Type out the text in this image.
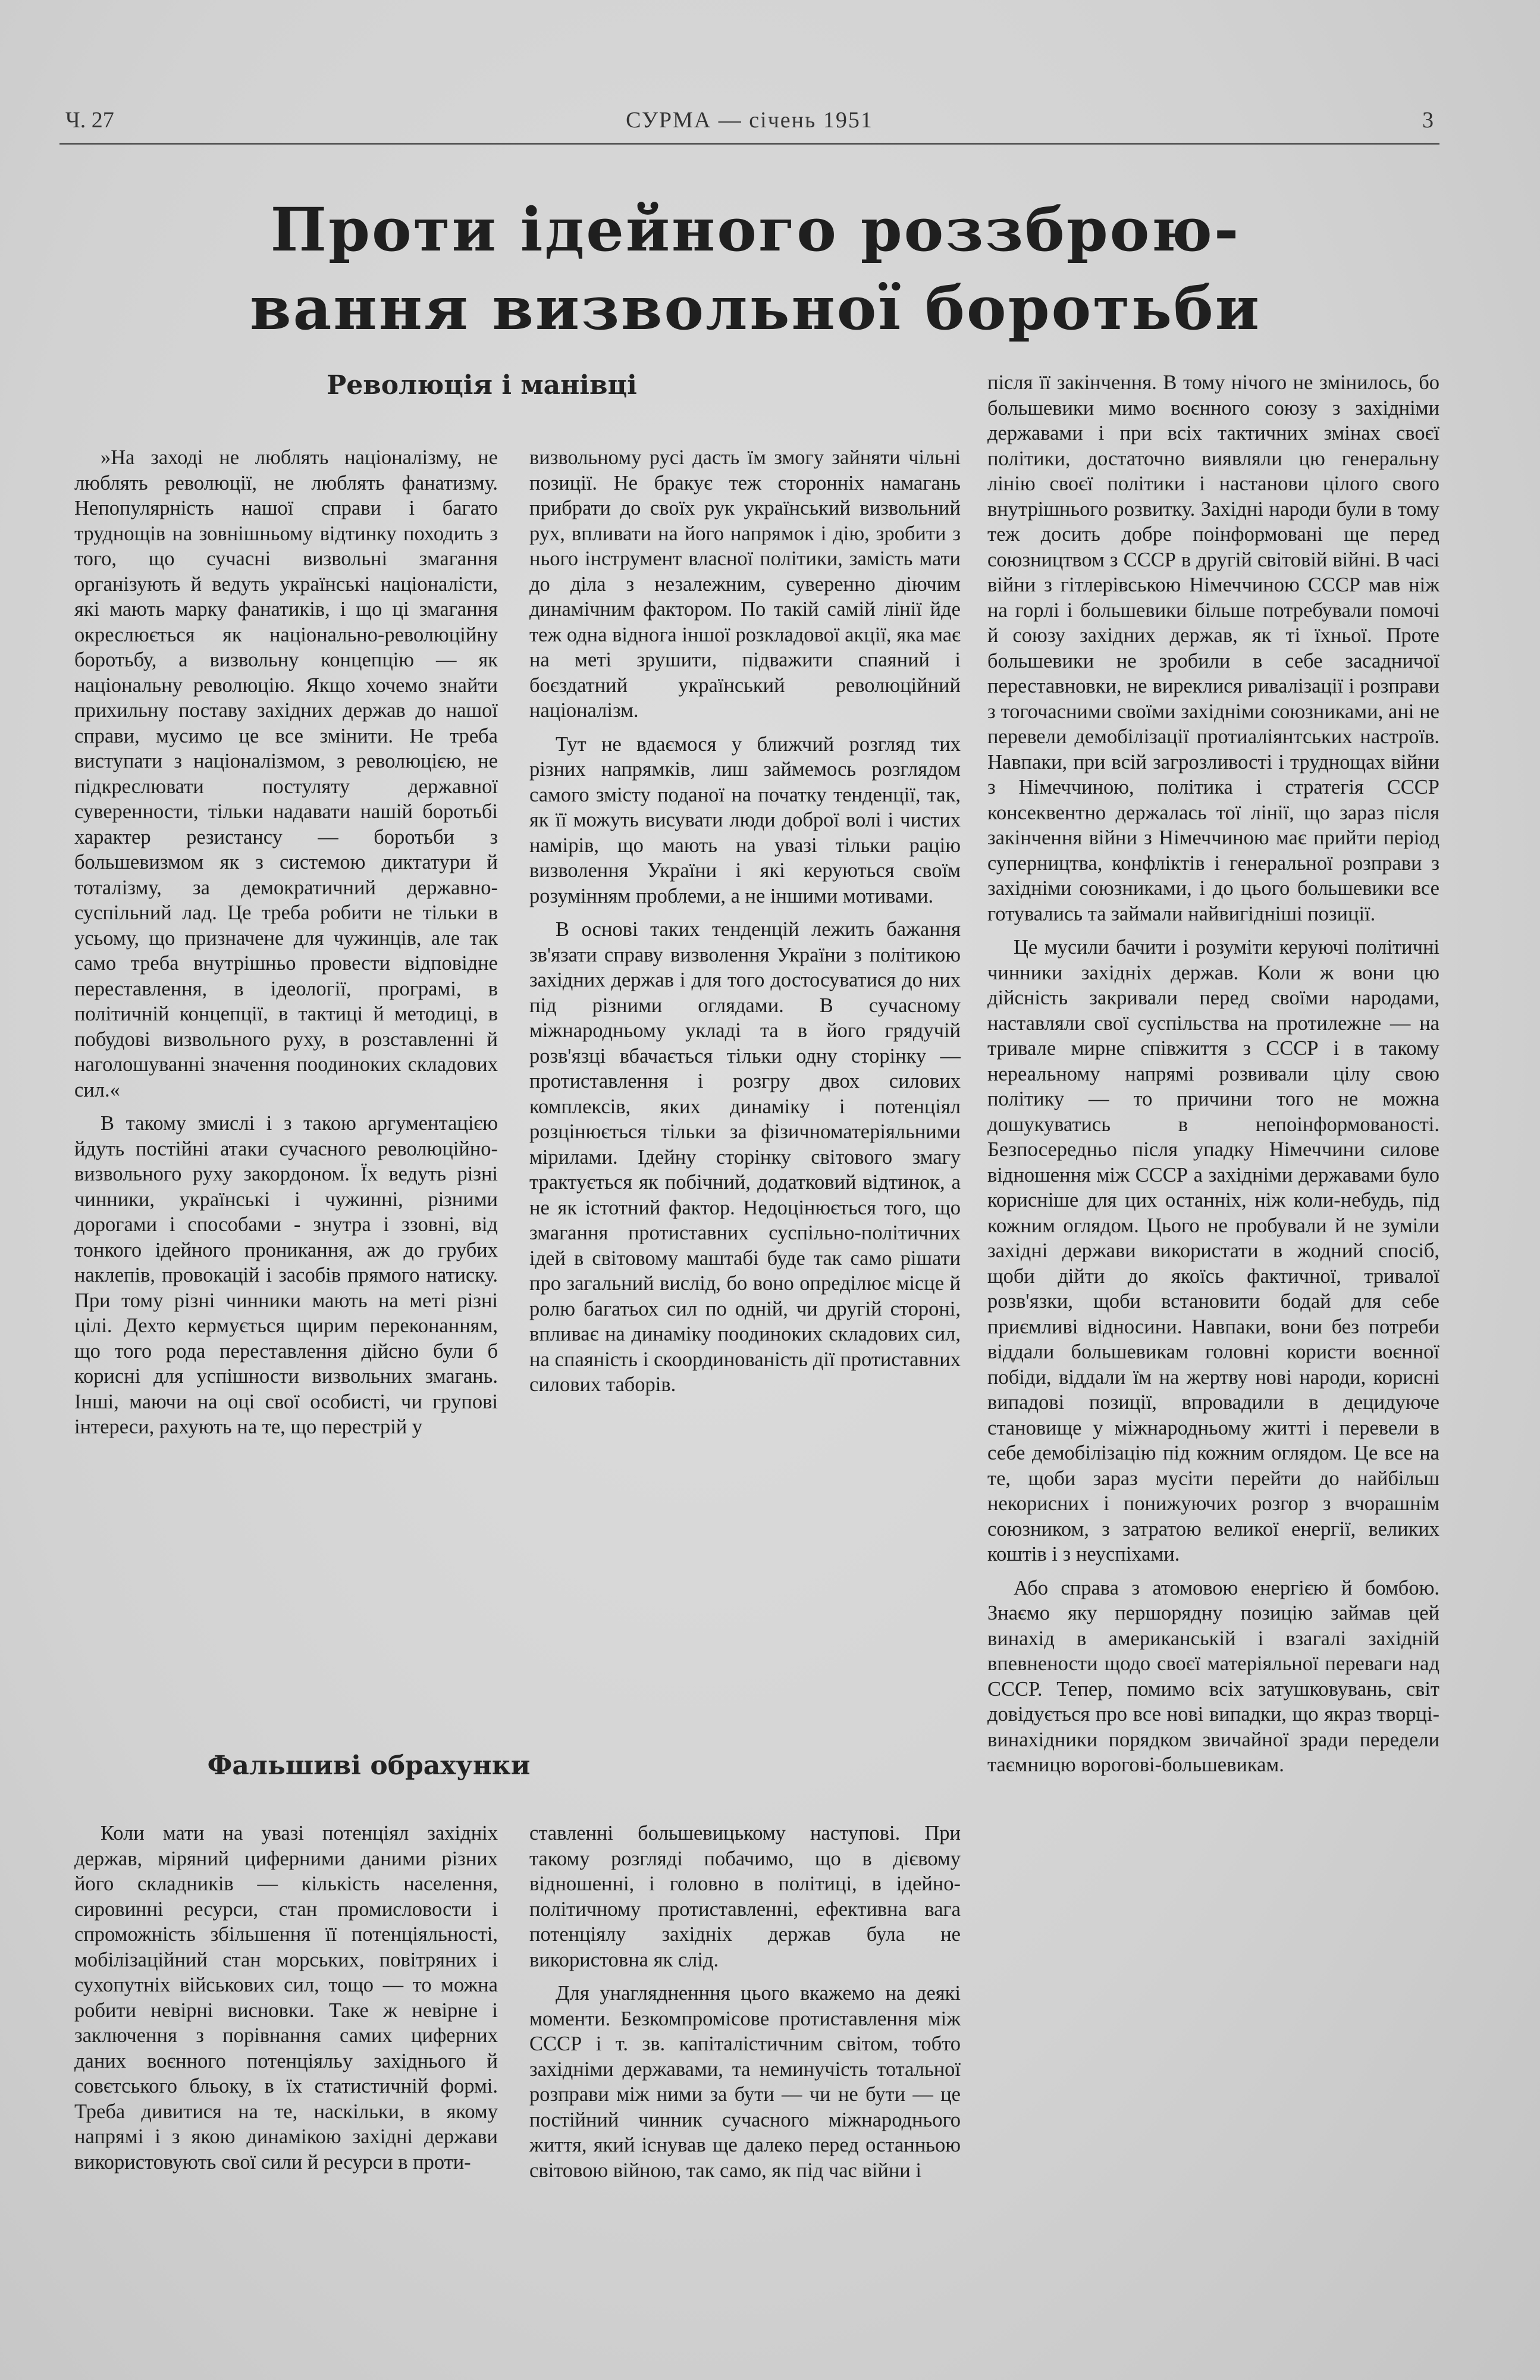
Ч. 27	СУРМА — січень 1951	3
Проти ідейного роззброю-
вання визвольної боротьби
Революція і манівці

»На заході не люблять націоналізму, не люблять революції, не люблять фанатизму. Непопулярність нашої справи і багато труднощів на зовнішньому відтинку походить з того, що сучасні визвольні змагання організують й ведуть українські націоналісти, які мають марку фанатиків, і що ці змагання окреслюється як національно-революційну боротьбу, а визвольну концепцію — як національну революцію. Якщо хочемо знайти прихильну поставу західних держав до нашої справи, мусимо це все змінити. Не треба виступати з націоналізмом, з революцією, не підкреслювати постуляту державної суверенности, тільки надавати нашій боротьбі характер резистансу — боротьби з большевизмом як з системою диктатури й тоталізму, за демократичний державно-суспільний лад. Це треба робити не тільки в усьому, що призначене для чужинців, але так само треба внутрішньо провести відповідне переставлення, в ідеології, програмі, в політичній концепції, в тактиці й методиці, в побудові визвольного руху, в розставленні й наголошуванні значення поодиноких складових сил.«

В такому змислі і з такою аргументацією йдуть постійні атаки сучасного революційно-визвольного руху закордоном. Їх ведуть різні чинники, українські і чужинні, різними дорогами і способами - знутра і ззовні, від тонкого ідейного проникання, аж до грубих наклепів, провокацій і засобів прямого натиску. При тому різні чинники мають на меті різні цілі. Дехто кермується щирим переконанням, що того рода переставлення дійсно були б корисні для успішности визвольних змагань. Інші, маючи на оці свої особисті, чи групові інтереси, рахують на те, що перестрій у

визвольному русі дасть їм змогу зайняти чільні позиції. Не бракує теж сторонніх намагань прибрати до своїх рук український визвольний рух, впливати на його напрямок і дію, зробити з нього інструмент власної політики, замість мати до діла з незалежним, суверенно діючим динамічним фактором. По такій самій лінії йде теж одна віднога іншої розкладової акції, яка має на меті зрушити, підважити спаяний і боєздатний український революційний націоналізм.

Тут не вдаємося у ближчий розгляд тих різних напрямків, лиш займемось розглядом самого змісту поданої на початку тенденції, так, як її можуть висувати люди доброї волі і чистих намірів, що мають на увазі тільки рацію визволення України і які керуються своїм розумінням проблеми, а не іншими мотивами.

В основі таких тенденцій лежить бажання зв'язати справу визволення України з політикою західних держав і для того достосуватися до них під різними оглядами. В сучасному міжнародньому укладі та в його грядучій розв'язці вбачається тільки одну сторінку — протиставлення і розгру двох силових комплексів, яких динаміку і потенціял розцінюється тільки за фізичноматеріяльними мірилами. Ідейну сторінку світового змагу трактується як побічний, додатковий відтинок, а не як істотний фактор. Недоцінюється того, що змагання протиставних суспільно-політичних ідей в світовому маштабі буде так само рішати про загальний вислід, бо воно опреділює місце й ролю багатьох сил по одній, чи другій стороні, впливає на динаміку поодиноких складових сил, на спаяність і скоординованість дії протиставних силових таборів.

після її закінчення. В тому нічого не змінилось, бо большевики мимо воєнного союзу з західніми державами і при всіх тактичних змінах своєї політики, достаточно виявляли цю генеральну лінію своєї політики і настанови цілого свого внутрішнього розвитку. Західні народи були в тому теж досить добре поінформовані ще перед союзництвом з СССР в другій світовій війні. В часі війни з гітлерівською Німеччиною СССР мав ніж на горлі і большевики більше потребували помочі й союзу західних держав, як ті їхньої. Проте большевики не зробили в себе засадничої переставновки, не вирeклися ривалізації і розправи з тогочасними своїми західніми союзниками, ані не перевели демобілізації протиаліянтських настроїв. Навпаки, при всій загрозливості і труднощах війни з Німеччиною, політика і стратегія СССР консеквентно держалась тої лінії, що зараз після закінчення війни з Німеччиною має прийти період суперництва, конфліктів і генеральної розправи з західніми союзниками, і до цього большевики все готувались та займали найвигідніші позиції.

Це мусили бачити і розуміти керуючі політичні чинники західніх держав. Коли ж вони цю дійсність закривали перед своїми народами, наставляли свої суспільства на протилежне — на тривале мирне співжиття з СССР і в такому нереальному напрямі розвивали цілу свою політику — то причини того не можна дошукуватись в непоінформованості. Безпосередньо після упадку Німеччини силове відношення між СССР а західніми державами було корисніше для цих останніх, ніж коли-небудь, під кожним оглядом. Цього не пробували й не зуміли західні держави використати в жодний спосіб, щоби дійти до якоїсь фактичної, тривалої розв'язки, щоби встановити бодай для себе приємливі відносини. Навпаки, вони без потреби віддали большевикам головні користи воєнної побіди, віддали їм на жертву нові народи, корисні випадові позиції, впровадили в децидуюче становище у міжнародньому житті і перевели в себе демобілізацію під кожним оглядом. Це все на те, щоби зараз мусіти перейти до найбільш некорисних і понижуючих розгор з вчорашнім союзником, з затратою великої енергії, великих коштів і з неуспіхами.

Або справа з атомовою енергією й бомбою. Знаємо яку першорядну позицію займав цей винахід в американській і взагалі західній впевнености щодо своєї матеріяльної переваги над СССР. Тепер, помимо всіх затушковувань, світ довідується про все нові випадки, що якраз творці-винахідники порядком звичайної зради передели таємницю ворогові-большевикам.

Фальшиві обрахунки

Коли мати на увазі потенціял західніх держав, міряний циферними даними різних його складників — кількість населення, сировинні ресурси, стан промисловости і спроможність збільшення її потенціяльності, мобілізаційний стан морських, повітряних і сухопутніх військових сил, тощо — то можна робити невірні висновки. Таке ж невірне і заключення з порівнання самих циферних даних воєнного потенціяльу західнього й совєтського бльоку, в їх статистичній формі. Треба дивитися на те, наскільки, в якому напрямі і з якою динамікою західні держави використовують свої сили й ресурси в проти-

ставленні большевицькому наступові. При такому розгляді побачимо, що в дієвому відношенні, і головно в політиці, в ідейно-політичному протиставленні, ефективна вага потенціялу західніх держав була не використовна як слід.

Для унаглядненння цього вкажемо на деякі моменти. Безкомпромісове протиставлення між СССР і т. зв. капіталістичним світом, тобто західніми державами, та неминучість тотальної розправи між ними за бути — чи не бути — це постійний чинник сучасного міжнароднього життя, який існував ще далеко перед останньою світовою війною, так само, як під час війни і
